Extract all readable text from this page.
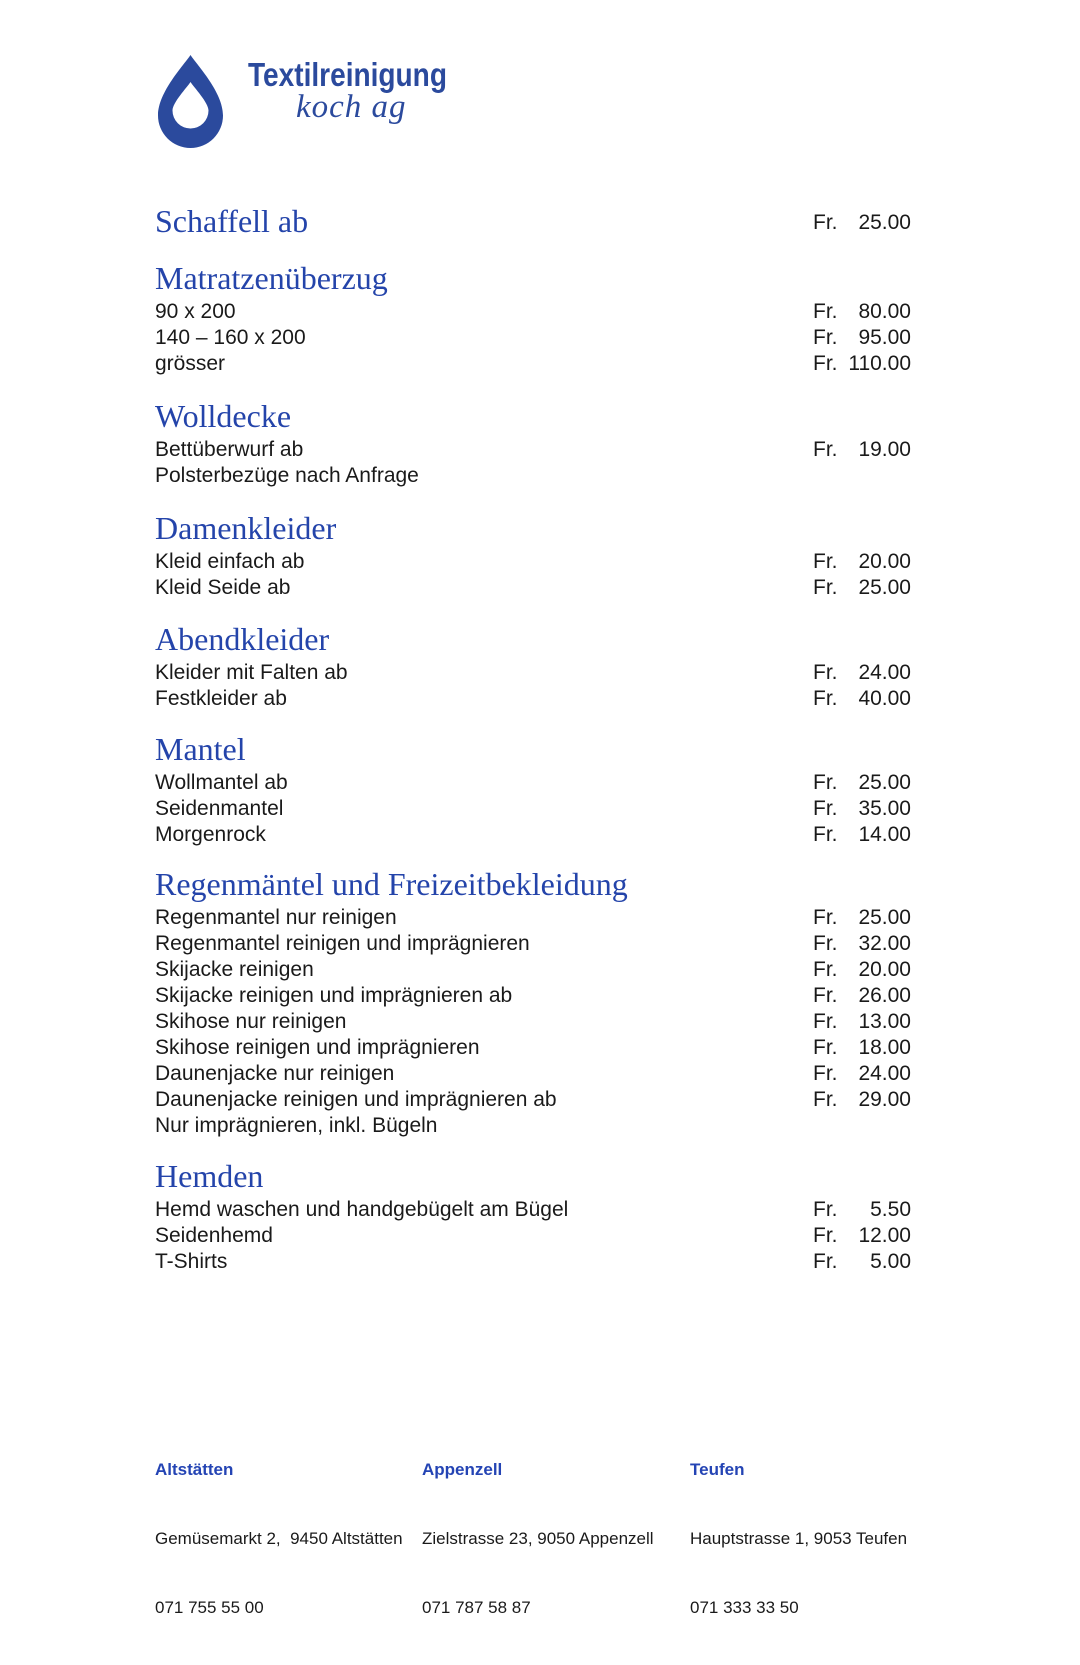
Textilreinigung
koch ag
Schaffell ab	Fr. 25.00
Matratzenüberzug
90 x 200	Fr. 80.00
140 – 160 x 200	Fr. 95.00
grösser	Fr. 110.00
Wolldecke
Bettüberwurf ab	Fr. 19.00
Polsterbezüge nach Anfrage
Damenkleider
Kleid einfach ab	Fr. 20.00
Kleid Seide ab	Fr. 25.00
Abendkleider
Kleider mit Falten ab	Fr. 24.00
Festkleider ab	Fr. 40.00
Mantel
Wollmantel ab	Fr. 25.00
Seidenmantel	Fr. 35.00
Morgenrock	Fr. 14.00
Regenmäntel und Freizeitbekleidung
Regenmantel nur reinigen	Fr. 25.00
Regenmantel reinigen und imprägnieren	Fr. 32.00
Skijacke reinigen	Fr. 20.00
Skijacke reinigen und imprägnieren ab	Fr. 26.00
Skihose nur reinigen	Fr. 13.00
Skihose reinigen und imprägnieren	Fr. 18.00
Daunenjacke nur reinigen	Fr. 24.00
Daunenjacke reinigen und imprägnieren ab	Fr. 29.00
Nur imprägnieren, inkl. Bügeln
Hemden
Hemd waschen und handgebügelt am Bügel	Fr.	5.50
Seidenhemd	Fr. 12.00
T-Shirts	Fr.	5.00

Altstätten

Gemüsemarkt 2,  9450 Altstätten

071 755 55 00

Appenzell

Zielstrasse 23, 9050 Appenzell

071 787 58 87

Teufen

Hauptstrasse 1, 9053 Teufen

071 333 33 50
